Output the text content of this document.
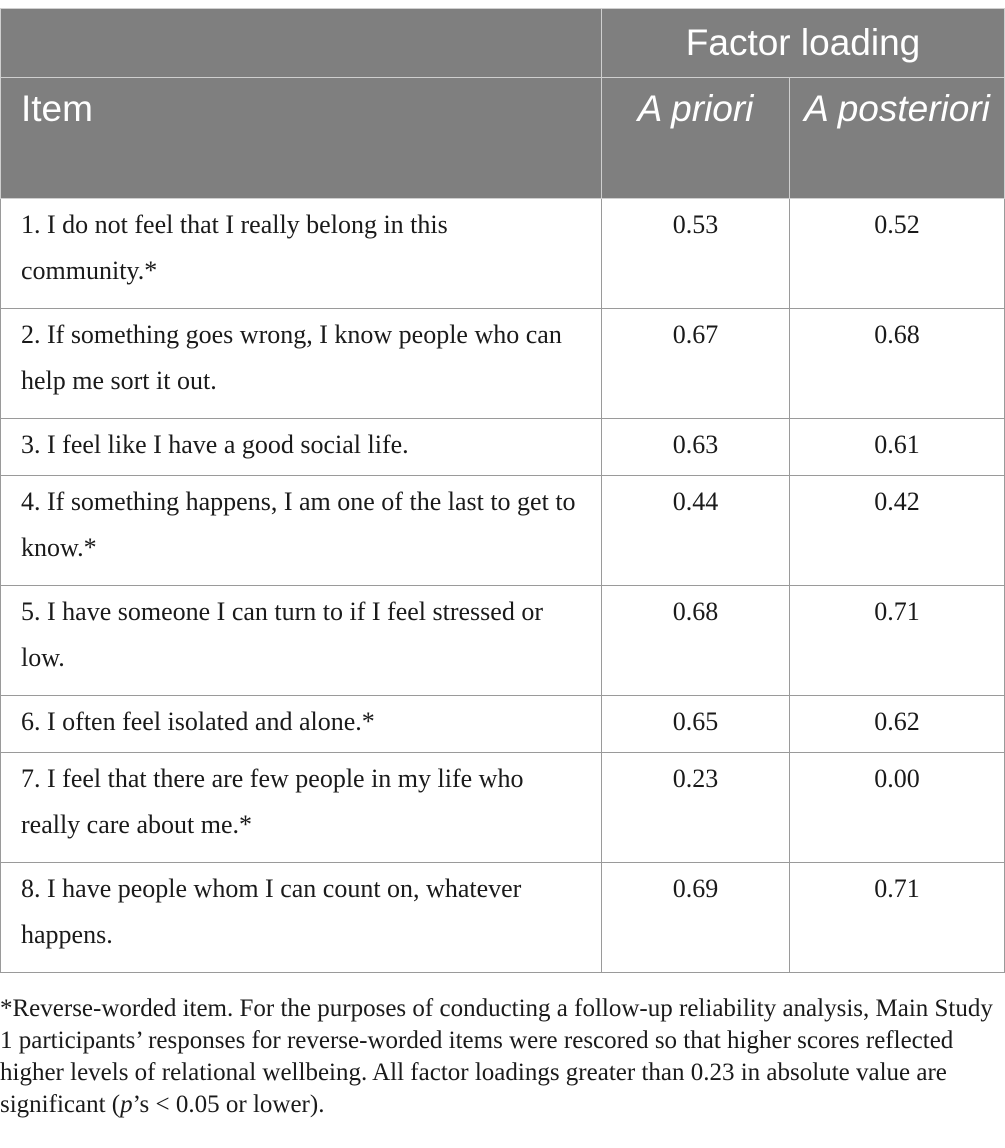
	Factor loading	
Item	A priori	A posteriori
1. I do not feel that I really belong in this community.*	0.53	0.52
2. If something goes wrong, I know people who can help me sort it out.	0.67	0.68
3. I feel like I have a good social life.	0.63	0.61
4. If something happens, I am one of the last to get to know.*	0.44	0.42
5. I have someone I can turn to if I feel stressed or low.	0.68	0.71
6. I often feel isolated and alone.*	0.65	0.62
7. I feel that there are few people in my life who really care about me.*	0.23	0.00
8. I have people whom I can count on, whatever happens.	0.69	0.71

*Reverse-worded item. For the purposes of conducting a follow-up reliability analysis, Main Study 1 participants’ responses for reverse-worded items were rescored so that higher scores reflected higher levels of relational wellbeing. All factor loadings greater than 0.23 in absolute value are significant (p’s < 0.05 or lower).
